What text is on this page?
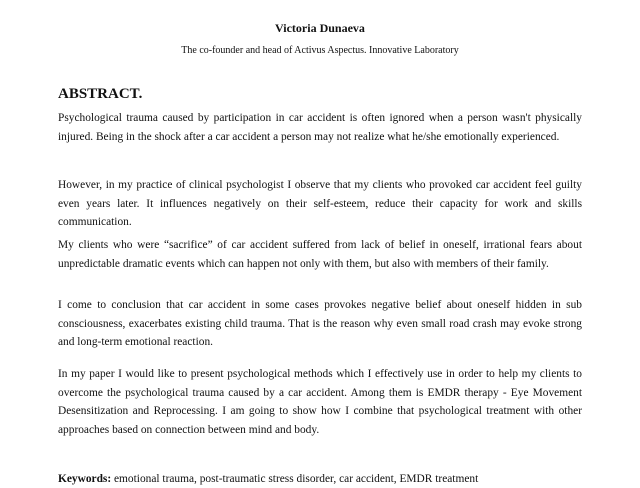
Victoria Dunaeva
The co-founder and head of Activus Aspectus. Innovative Laboratory
ABSTRACT.

Psychological trauma caused by participation in car accident is often ignored when a person wasn't physically injured. Being in the shock after a car accident a person may not realize what he/she emotionally experienced.

However, in my practice of clinical psychologist I observe that my clients who provoked car accident feel guilty even years later. It influences negatively on their self-esteem, reduce their capacity for work and skills communication.

My clients who were “sacrifice” of car accident suffered from lack of belief in oneself, irrational fears about unpredictable dramatic events which can happen not only with them, but also with members of their family.

I come to conclusion that car accident in some cases provokes negative belief about oneself hidden in sub consciousness, exacerbates existing child trauma. That is the reason why even small road crash may evoke strong and long-term emotional reaction.

In my paper I would like to present psychological methods which I effectively use in order to help my clients to overcome the psychological trauma caused by a car accident. Among them is EMDR therapy - Eye Movement Desensitization and Reprocessing. I am going to show how I combine that psychological treatment with other approaches based on connection between mind and body.

Keywords: emotional trauma, post-traumatic stress disorder, car accident, EMDR treatment
